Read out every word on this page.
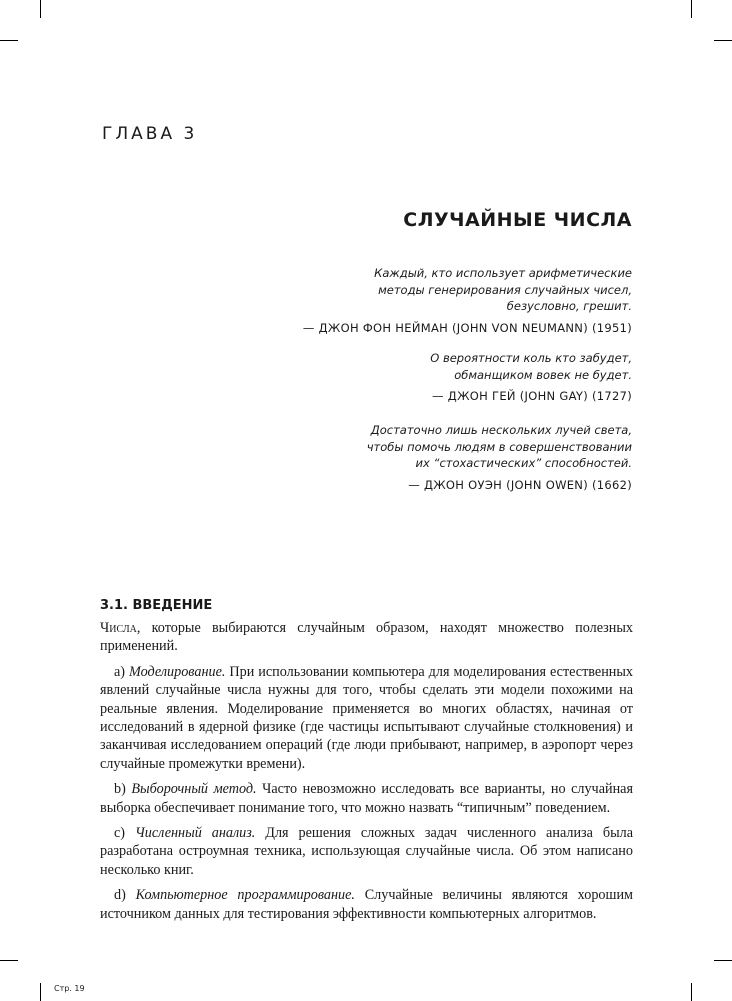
ГЛАВА 3
СЛУЧАЙНЫЕ ЧИСЛА
Каждый, кто использует арифметические
методы генерирования случайных чисел,
безусловно, грешит.
— ДЖОН ФОН НЕЙМАН (JOHN VON NEUMANN) (1951)
О вероятности коль кто забудет,
обманщиком вовек не будет.
— ДЖОН ГЕЙ (JOHN GAY) (1727)
Достаточно лишь нескольких лучей света,
чтобы помочь людям в совершенствовании
их “стохастических” способностей.
— ДЖОН ОУЭН (JOHN OWEN) (1662)
3.1. ВВЕДЕНИЕ

Числа, которые выбираются случайным образом, находят множество полезных применений.

a) Моделирование. При использовании компьютера для моделирования естественных явлений случайные числа нужны для того, чтобы сделать эти модели похожими на реальные явления. Моделирование применяется во многих областях, начиная от исследований в ядерной физике (где частицы испытывают случайные столкновения) и заканчивая исследованием операций (где люди прибывают, например, в аэропорт через случайные промежутки времени).

b) Выборочный метод. Часто невозможно исследовать все варианты, но случайная выборка обеспечивает понимание того, что можно назвать “типичным” поведением.

c) Численный анализ. Для решения сложных задач численного анализа была разработана остроумная техника, использующая случайные числа. Об этом написано несколько книг.

d) Компьютерное программирование. Случайные величины являются хорошим источником данных для тестирования эффективности компьютерных алгоритмов.

Стр. 19
